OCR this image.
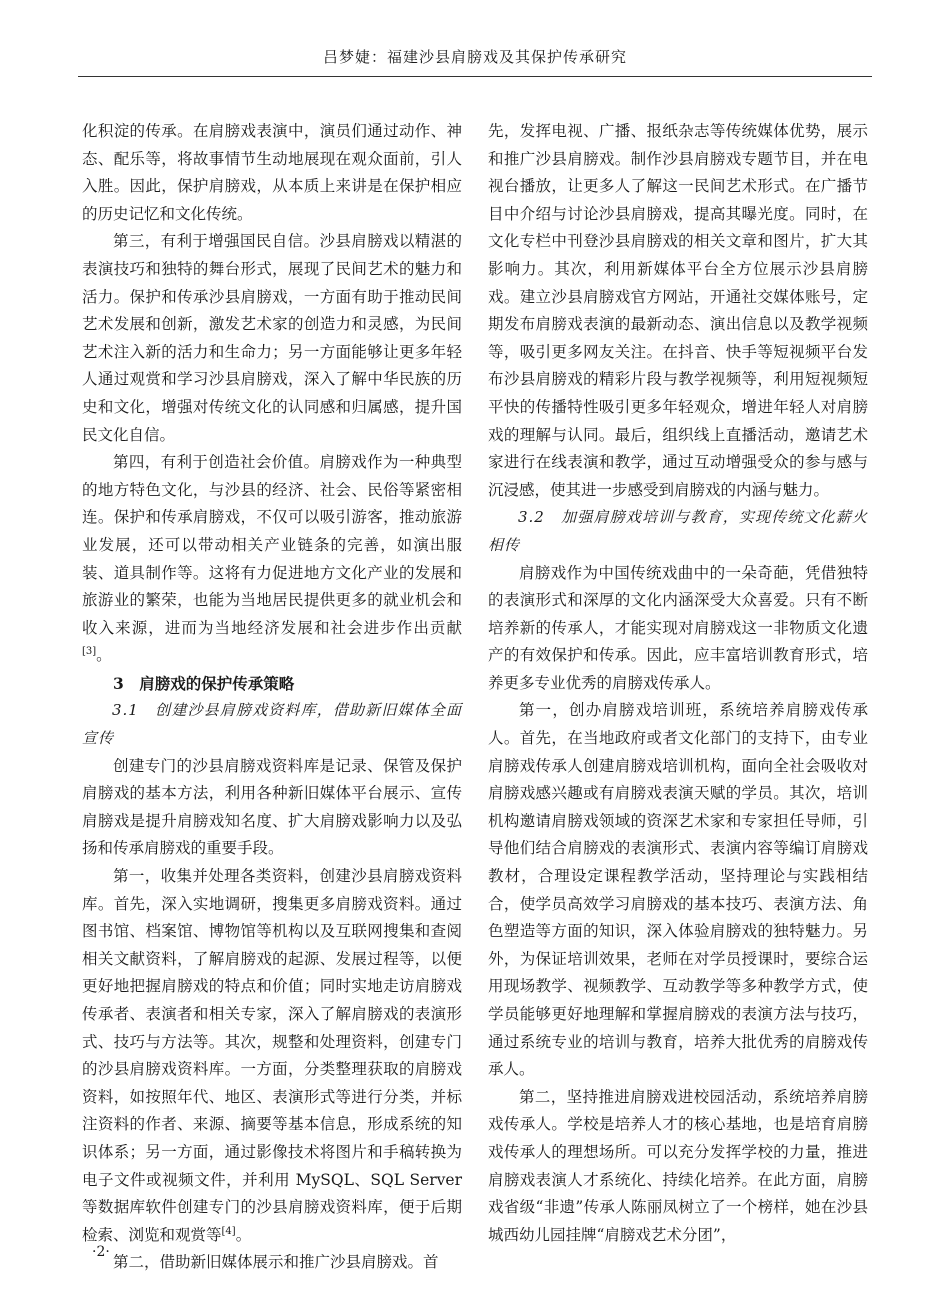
吕梦婕：福建沙县肩膀戏及其保护传承研究

化积淀的传承。在肩膀戏表演中，演员们通过动作、神态、配乐等，将故事情节生动地展现在观众面前，引人入胜。因此，保护肩膀戏，从本质上来讲是在保护相应的历史记忆和文化传统。

第三，有利于增强国民自信。沙县肩膀戏以精湛的表演技巧和独特的舞台形式，展现了民间艺术的魅力和活力。保护和传承沙县肩膀戏，一方面有助于推动民间艺术发展和创新，激发艺术家的创造力和灵感，为民间艺术注入新的活力和生命力；另一方面能够让更多年轻人通过观赏和学习沙县肩膀戏，深入了解中华民族的历史和文化，增强对传统文化的认同感和归属感，提升国民文化自信。

第四，有利于创造社会价值。肩膀戏作为一种典型的地方特色文化，与沙县的经济、社会、民俗等紧密相连。保护和传承肩膀戏，不仅可以吸引游客，推动旅游业发展，还可以带动相关产业链条的完善，如演出服装、道具制作等。这将有力促进地方文化产业的发展和旅游业的繁荣，也能为当地居民提供更多的就业机会和收入来源，进而为当地经济发展和社会进步作出贡献[3]。

3　肩膀戏的保护传承策略
3.1　创建沙县肩膀戏资料库，借助新旧媒体全面宣传

创建专门的沙县肩膀戏资料库是记录、保管及保护肩膀戏的基本方法，利用各种新旧媒体平台展示、宣传肩膀戏是提升肩膀戏知名度、扩大肩膀戏影响力以及弘扬和传承肩膀戏的重要手段。

第一，收集并处理各类资料，创建沙县肩膀戏资料库。首先，深入实地调研，搜集更多肩膀戏资料。通过图书馆、档案馆、博物馆等机构以及互联网搜集和查阅相关文献资料，了解肩膀戏的起源、发展过程等，以便更好地把握肩膀戏的特点和价值；同时实地走访肩膀戏传承者、表演者和相关专家，深入了解肩膀戏的表演形式、技巧与方法等。其次，规整和处理资料，创建专门的沙县肩膀戏资料库。一方面，分类整理获取的肩膀戏资料，如按照年代、地区、表演形式等进行分类，并标注资料的作者、来源、摘要等基本信息，形成系统的知识体系；另一方面，通过影像技术将图片和手稿转换为电子文件或视频文件，并利用 MySQL、SQL Server 等数据库软件创建专门的沙县肩膀戏资料库，便于后期检索、浏览和观赏等[4]。

第二，借助新旧媒体展示和推广沙县肩膀戏。首

先，发挥电视、广播、报纸杂志等传统媒体优势，展示和推广沙县肩膀戏。制作沙县肩膀戏专题节目，并在电视台播放，让更多人了解这一民间艺术形式。在广播节目中介绍与讨论沙县肩膀戏，提高其曝光度。同时，在文化专栏中刊登沙县肩膀戏的相关文章和图片，扩大其影响力。其次，利用新媒体平台全方位展示沙县肩膀戏。建立沙县肩膀戏官方网站，开通社交媒体账号，定期发布肩膀戏表演的最新动态、演出信息以及教学视频等，吸引更多网友关注。在抖音、快手等短视频平台发布沙县肩膀戏的精彩片段与教学视频等，利用短视频短平快的传播特性吸引更多年轻观众，增进年轻人对肩膀戏的理解与认同。最后，组织线上直播活动，邀请艺术家进行在线表演和教学，通过互动增强受众的参与感与沉浸感，使其进一步感受到肩膀戏的内涵与魅力。

3.2　加强肩膀戏培训与教育，实现传统文化薪火相传

肩膀戏作为中国传统戏曲中的一朵奇葩，凭借独特的表演形式和深厚的文化内涵深受大众喜爱。只有不断培养新的传承人，才能实现对肩膀戏这一非物质文化遗产的有效保护和传承。因此，应丰富培训教育形式，培养更多专业优秀的肩膀戏传承人。

第一，创办肩膀戏培训班，系统培养肩膀戏传承人。首先，在当地政府或者文化部门的支持下，由专业肩膀戏传承人创建肩膀戏培训机构，面向全社会吸收对肩膀戏感兴趣或有肩膀戏表演天赋的学员。其次，培训机构邀请肩膀戏领域的资深艺术家和专家担任导师，引导他们结合肩膀戏的表演形式、表演内容等编订肩膀戏教材，合理设定课程教学活动，坚持理论与实践相结合，使学员高效学习肩膀戏的基本技巧、表演方法、角色塑造等方面的知识，深入体验肩膀戏的独特魅力。另外，为保证培训效果，老师在对学员授课时，要综合运用现场教学、视频教学、互动教学等多种教学方式，使学员能够更好地理解和掌握肩膀戏的表演方法与技巧，通过系统专业的培训与教育，培养大批优秀的肩膀戏传承人。

第二，坚持推进肩膀戏进校园活动，系统培养肩膀戏传承人。学校是培养人才的核心基地，也是培育肩膀戏传承人的理想场所。可以充分发挥学校的力量，推进肩膀戏表演人才系统化、持续化培养。在此方面，肩膀戏省级“非遗”传承人陈丽凤树立了一个榜样，她在沙县城西幼儿园挂牌“肩膀戏艺术分团”，

·2·
